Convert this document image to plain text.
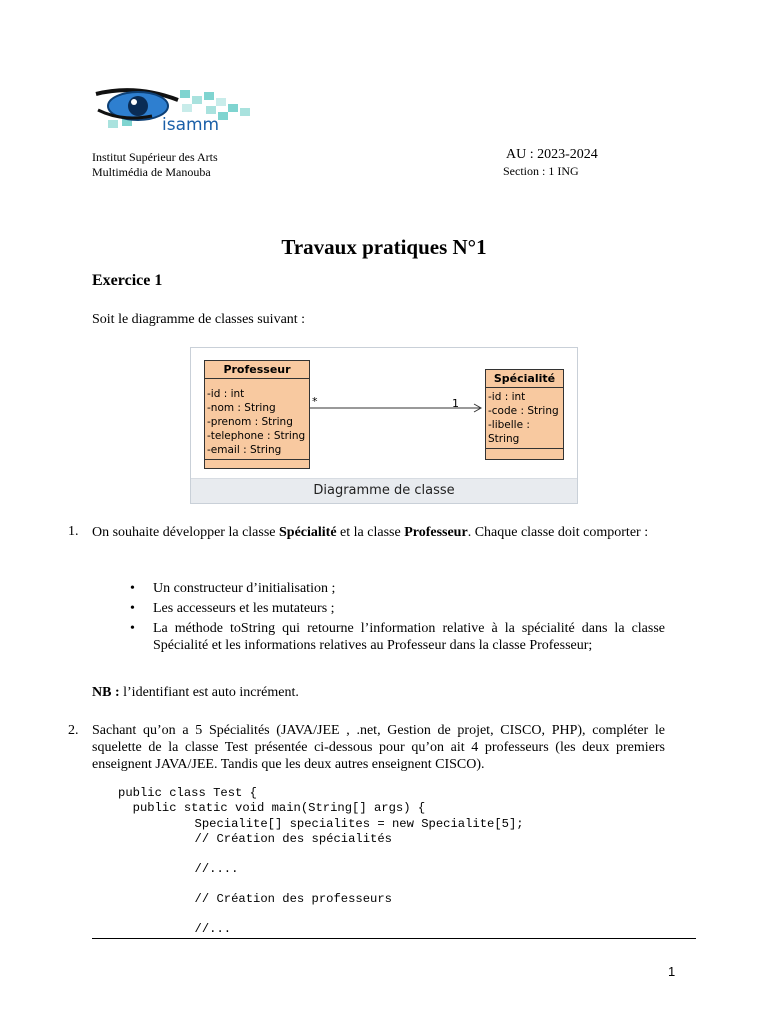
isamm
Institut Supérieur des Arts
Multimédia de Manouba
AU : 2023-2024
Section : 1 ING
Travaux pratiques N°1
Exercice 1
Soit le diagramme de classes suivant :
Professeur
-id : int
-nom : String
-prenom : String
-telephone : String
-email : String
Spécialité
-id : int
-code : String
-libelle : String
*	1
Diagramme de classe
1. On souhaite développer la classe Spécialité et la classe Professeur. Chaque classe doit comporter :
• Un constructeur d’initialisation ;
• Les accesseurs et les mutateurs ;
• La méthode toString qui retourne l’information relative à la spécialité dans la classe Spécialité et les informations relatives au Professeur dans la classe Professeur;
NB : l’identifiant est auto incrément.
2. Sachant qu’on a 5 Spécialités (JAVA/JEE , .net, Gestion de projet, CISCO, PHP), compléter le squelette de la classe Test présentée ci-dessous pour qu’on ait 4 professeurs (les deux premiers enseignent JAVA/JEE. Tandis que les deux autres enseignent CISCO).
public class Test {
public static void main(String[] args) {
Specialite[] specialites = new Specialite[5];
// Création des spécialités
//....
// Création des professeurs
//...
1
